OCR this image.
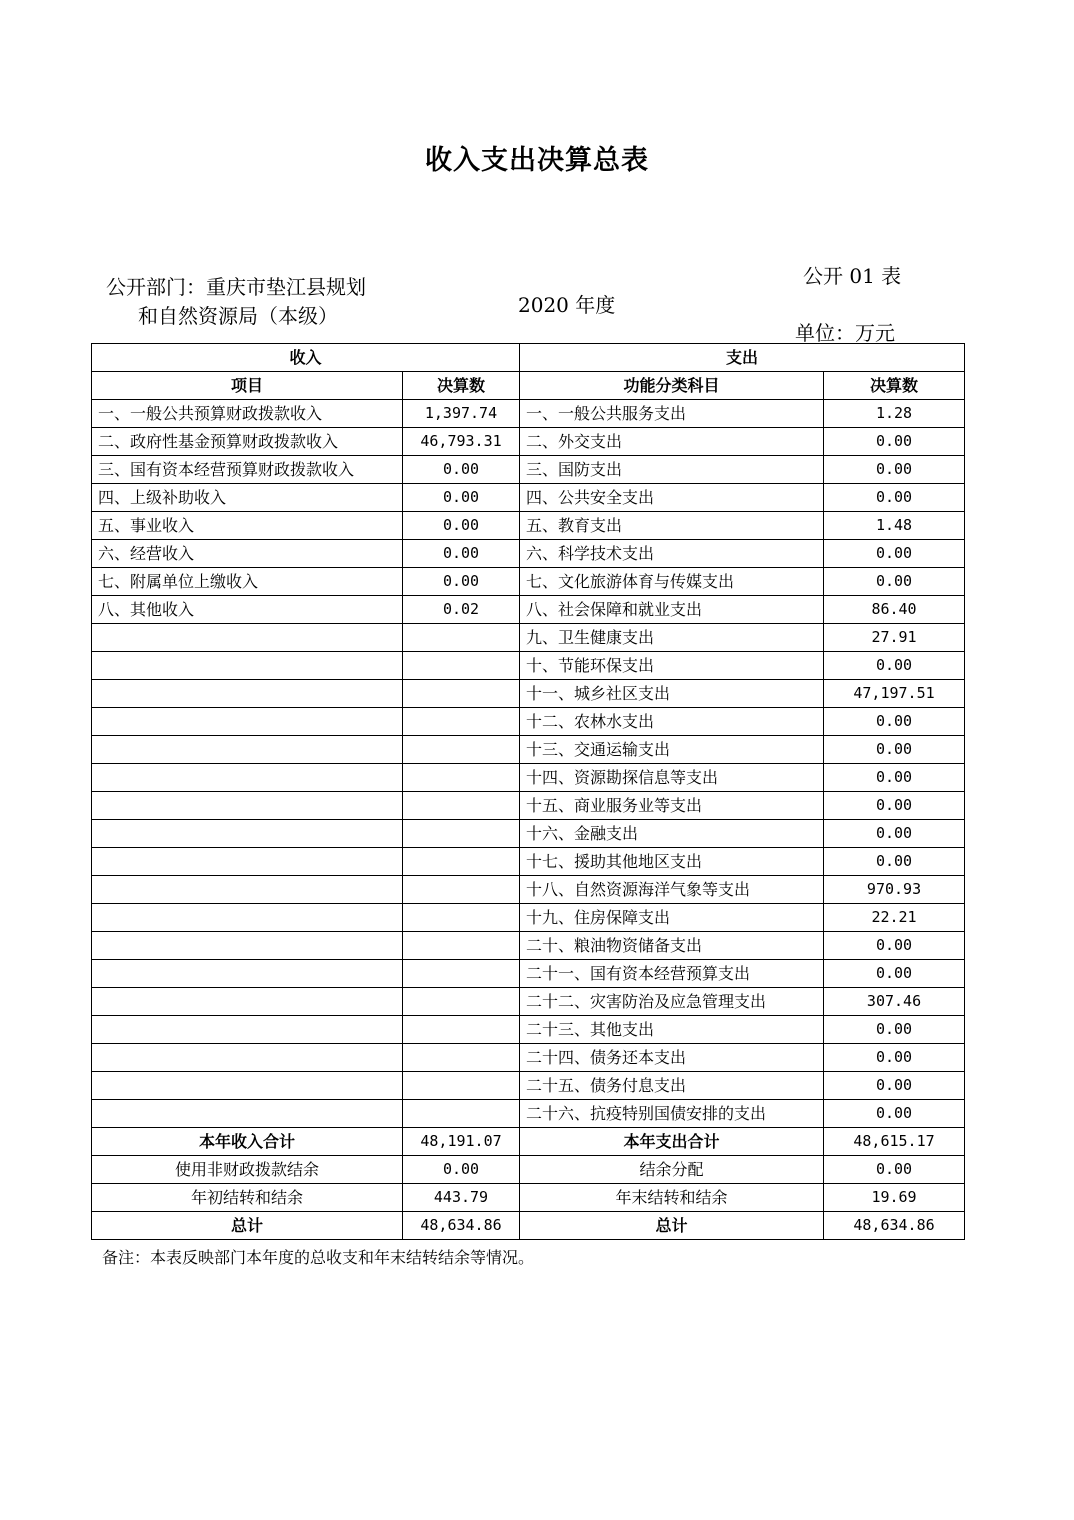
收入支出决算总表
公开 01 表
公开部门：重庆市垫江县规划
和自然资源局（本级）	2020 年度
单位：万元
收入		支出	
项目	决算数	功能分类科目	决算数
一、一般公共预算财政拨款收入	1,397.74	一、一般公共服务支出	1.28
二、政府性基金预算财政拨款收入	46,793.31	二、外交支出	0.00
三、国有资本经营预算财政拨款收入	0.00	三、国防支出	0.00
四、上级补助收入	0.00	四、公共安全支出	0.00
五、事业收入	0.00	五、教育支出	1.48
六、经营收入	0.00	六、科学技术支出	0.00
七、附属单位上缴收入	0.00	七、文化旅游体育与传媒支出	0.00
八、其他收入	0.02	八、社会保障和就业支出	86.40
		九、卫生健康支出	27.91
		十、节能环保支出	0.00
		十一、城乡社区支出	47,197.51
		十二、农林水支出	0.00
		十三、交通运输支出	0.00
		十四、资源勘探信息等支出	0.00
		十五、商业服务业等支出	0.00
		十六、金融支出	0.00
		十七、援助其他地区支出	0.00
		十八、自然资源海洋气象等支出	970.93
		十九、住房保障支出	22.21
		二十、粮油物资储备支出	0.00
		二十一、国有资本经营预算支出	0.00
		二十二、灾害防治及应急管理支出	307.46
		二十三、其他支出	0.00
		二十四、债务还本支出	0.00
		二十五、债务付息支出	0.00
		二十六、抗疫特别国债安排的支出	0.00
本年收入合计	48,191.07	本年支出合计	48,615.17
使用非财政拨款结余	0.00	结余分配	0.00
年初结转和结余	443.79	年末结转和结余	19.69
总计	48,634.86	总计	48,634.86
备注：本表反映部门本年度的总收支和年末结转结余等情况。
